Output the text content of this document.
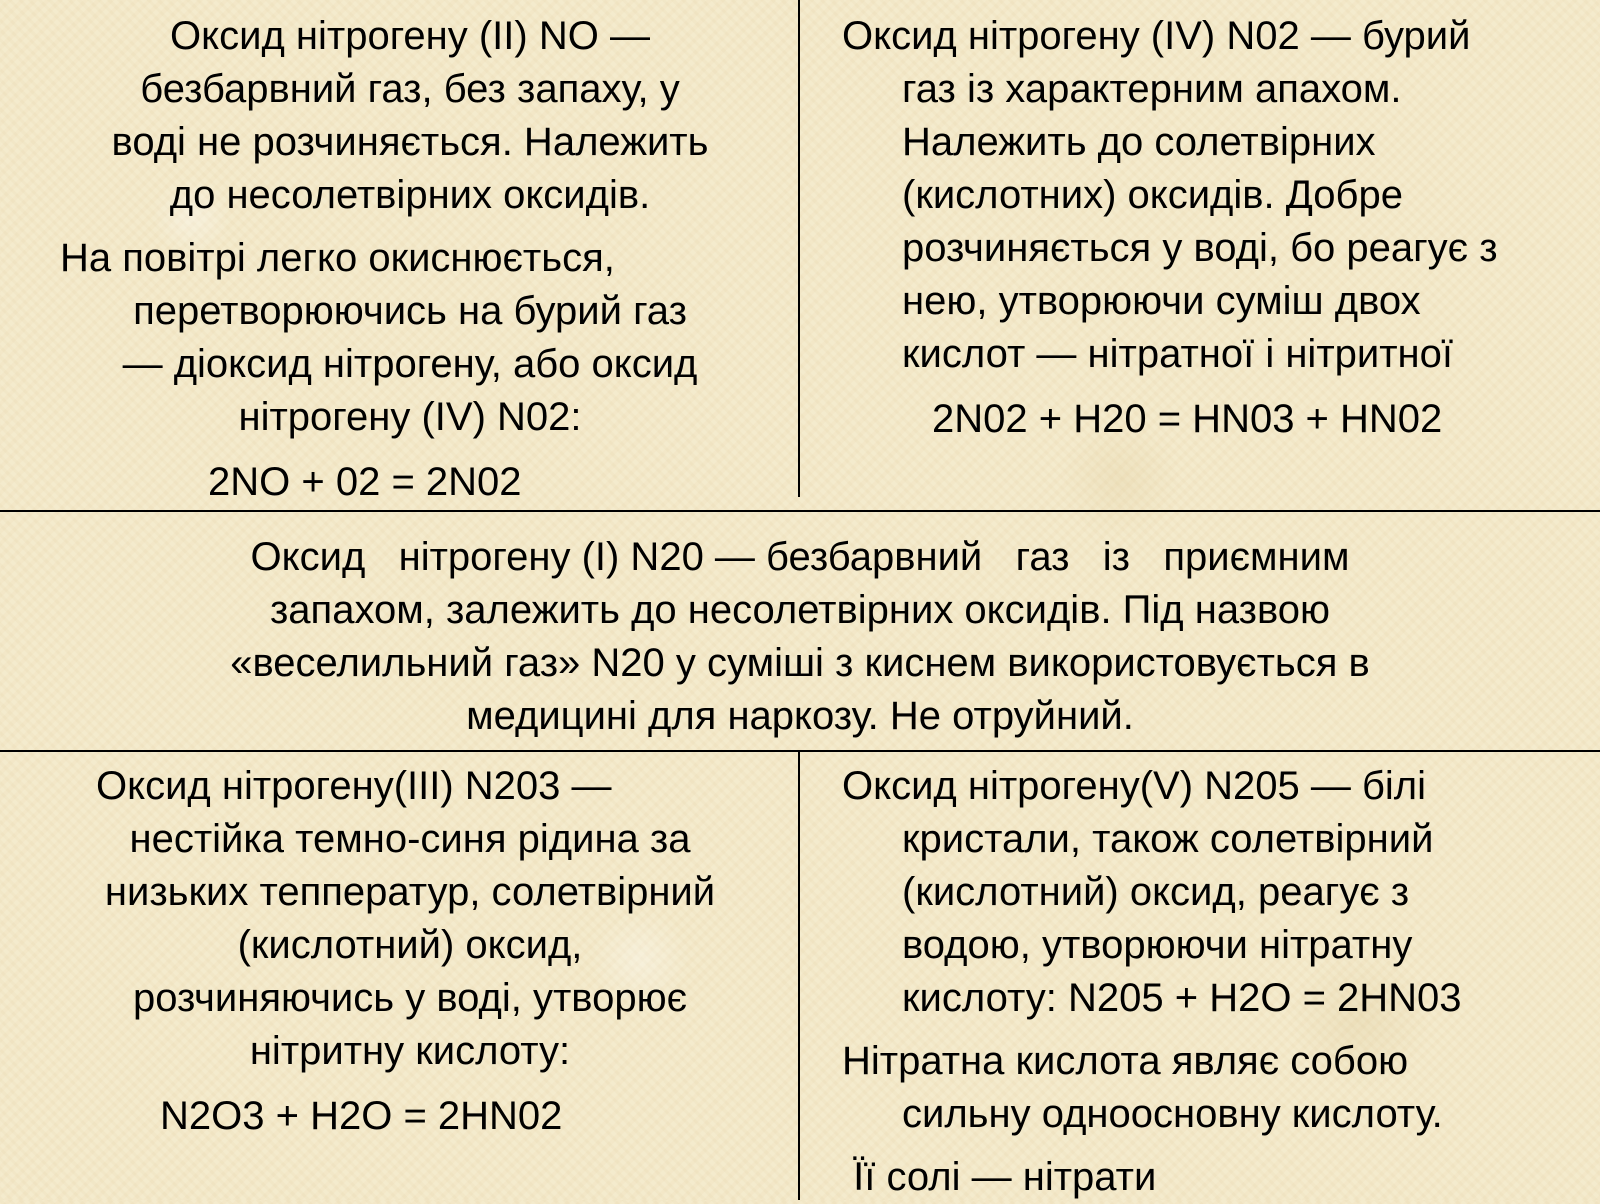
Оксид нітрогену (II) NO —
безбарвний газ, без запаху, у
воді не розчиняється. Належить
до несолетвірних оксидів.
На повітрі легко окиснюється,
перетворюючись на бурий газ
— діоксид нітрогену, або оксид
нітрогену (IV) N02:
2NO + 02 = 2N02
Оксид нітрогену (IV) N02 — бурий
газ із характерним апахом.
Належить до солетвірних
(кислотних) оксидів. Добре
розчиняється у воді, бо реагує з
нею, утворюючи суміш двох
кислот — нітратної і нітритної
2N02 + H20 = HN03 + HN02
Оксид   нітрогену (I) N20 — безбарвний   газ   із   приємним
запахом, залежить до несолетвірних оксидів. Під назвою
«веселильний газ» N20 у суміші з киснем використовується в
медицині для наркозу. Не отруйний.
Оксид нітрогену(III) N203 —
нестійка темно-синя рідина за
низьких тепператур, солетвірний
(кислотний) оксид,
розчиняючись у воді, утворює
нітритну кислоту:
N2O3 + H2O = 2HN02
Оксид нітрогену(V) N205 — білі
кристали, також солетвірний
(кислотний) оксид, реагує з
водою, утворюючи нітратну
кислоту: N205 + H2O = 2HN03
Нітратна кислота являє собою
сильну одноосновну кислоту.
Її солі — нітрати
